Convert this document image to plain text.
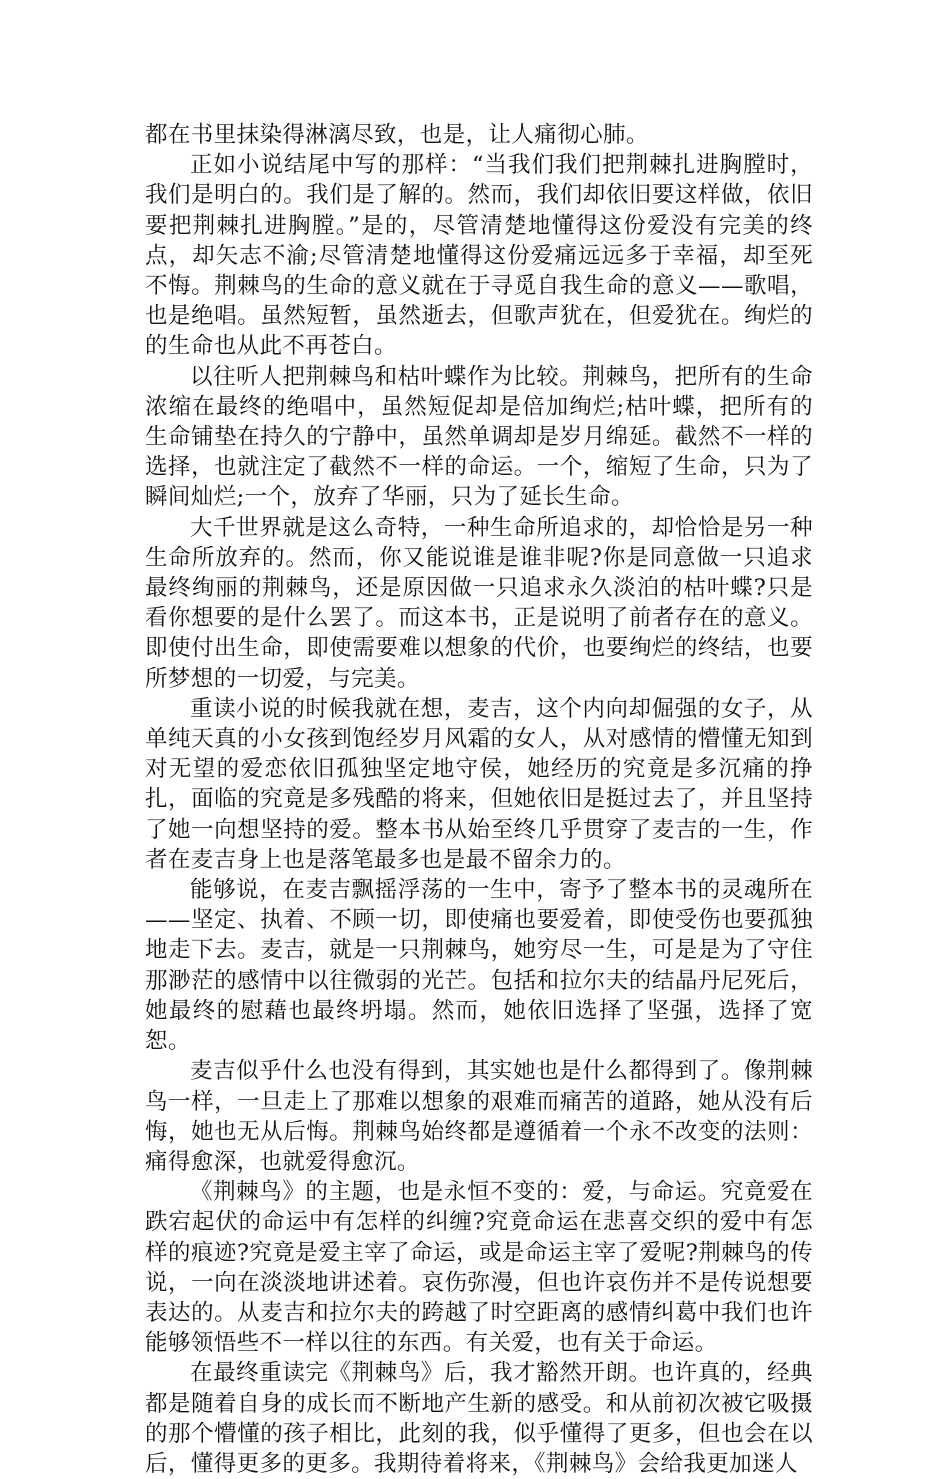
都在书里抹染得淋漓尽致，也是，让人痛彻心肺。

正如小说结尾中写的那样：“当我们我们把荆棘扎进胸膛时，我们是明白的。我们是了解的。然而，我们却依旧要这样做，依旧要把荆棘扎进胸膛。”是的，尽管清楚地懂得这份爱没有完美的终点，却矢志不渝;尽管清楚地懂得这份爱痛远远多于幸福，却至死不悔。荆棘鸟的生命的意义就在于寻觅自我生命的意义——歌唱，也是绝唱。虽然短暂，虽然逝去，但歌声犹在，但爱犹在。绚烂的的生命也从此不再苍白。

以往听人把荆棘鸟和枯叶蝶作为比较。荆棘鸟，把所有的生命浓缩在最终的绝唱中，虽然短促却是倍加绚烂;枯叶蝶，把所有的生命铺垫在持久的宁静中，虽然单调却是岁月绵延。截然不一样的选择，也就注定了截然不一样的命运。一个，缩短了生命，只为了瞬间灿烂;一个，放弃了华丽，只为了延长生命。

大千世界就是这么奇特，一种生命所追求的，却恰恰是另一种生命所放弃的。然而，你又能说谁是谁非呢?你是同意做一只追求最终绚丽的荆棘鸟，还是原因做一只追求永久淡泊的枯叶蝶?只是看你想要的是什么罢了。而这本书，正是说明了前者存在的意义。即使付出生命，即使需要难以想象的代价，也要绚烂的终结，也要所梦想的一切爱，与完美。

重读小说的时候我就在想，麦吉，这个内向却倔强的女子，从单纯天真的小女孩到饱经岁月风霜的女人，从对感情的懵懂无知到对无望的爱恋依旧孤独坚定地守侯，她经历的究竟是多沉痛的挣扎，面临的究竟是多残酷的将来，但她依旧是挺过去了，并且坚持了她一向想坚持的爱。整本书从始至终几乎贯穿了麦吉的一生，作者在麦吉身上也是落笔最多也是最不留余力的。

能够说，在麦吉飘摇浮荡的一生中，寄予了整本书的灵魂所在——坚定、执着、不顾一切，即使痛也要爱着，即使受伤也要孤独地走下去。麦吉，就是一只荆棘鸟，她穷尽一生，可是是为了守住那渺茫的感情中以往微弱的光芒。包括和拉尔夫的结晶丹尼死后，她最终的慰藉也最终坍塌。然而，她依旧选择了坚强，选择了宽恕。

麦吉似乎什么也没有得到，其实她也是什么都得到了。像荆棘鸟一样，一旦走上了那难以想象的艰难而痛苦的道路，她从没有后悔，她也无从后悔。荆棘鸟始终都是遵循着一个永不改变的法则：痛得愈深，也就爱得愈沉。

《荆棘鸟》的主题，也是永恒不变的：爱，与命运。究竟爱在跌宕起伏的命运中有怎样的纠缠?究竟命运在悲喜交织的爱中有怎样的痕迹?究竟是爱主宰了命运，或是命运主宰了爱呢?荆棘鸟的传说，一向在淡淡地讲述着。哀伤弥漫，但也许哀伤并不是传说想要表达的。从麦吉和拉尔夫的跨越了时空距离的感情纠葛中我们也许能够领悟些不一样以往的东西。有关爱，也有关于命运。

在最终重读完《荆棘鸟》后，我才豁然开朗。也许真的，经典都是随着自身的成长而不断地产生新的感受。和从前初次被它吸摄的那个懵懂的孩子相比，此刻的我，似乎懂得了更多，但也会在以后，懂得更多的更多。我期待着将来，《荆棘鸟》会给我更加迷人
